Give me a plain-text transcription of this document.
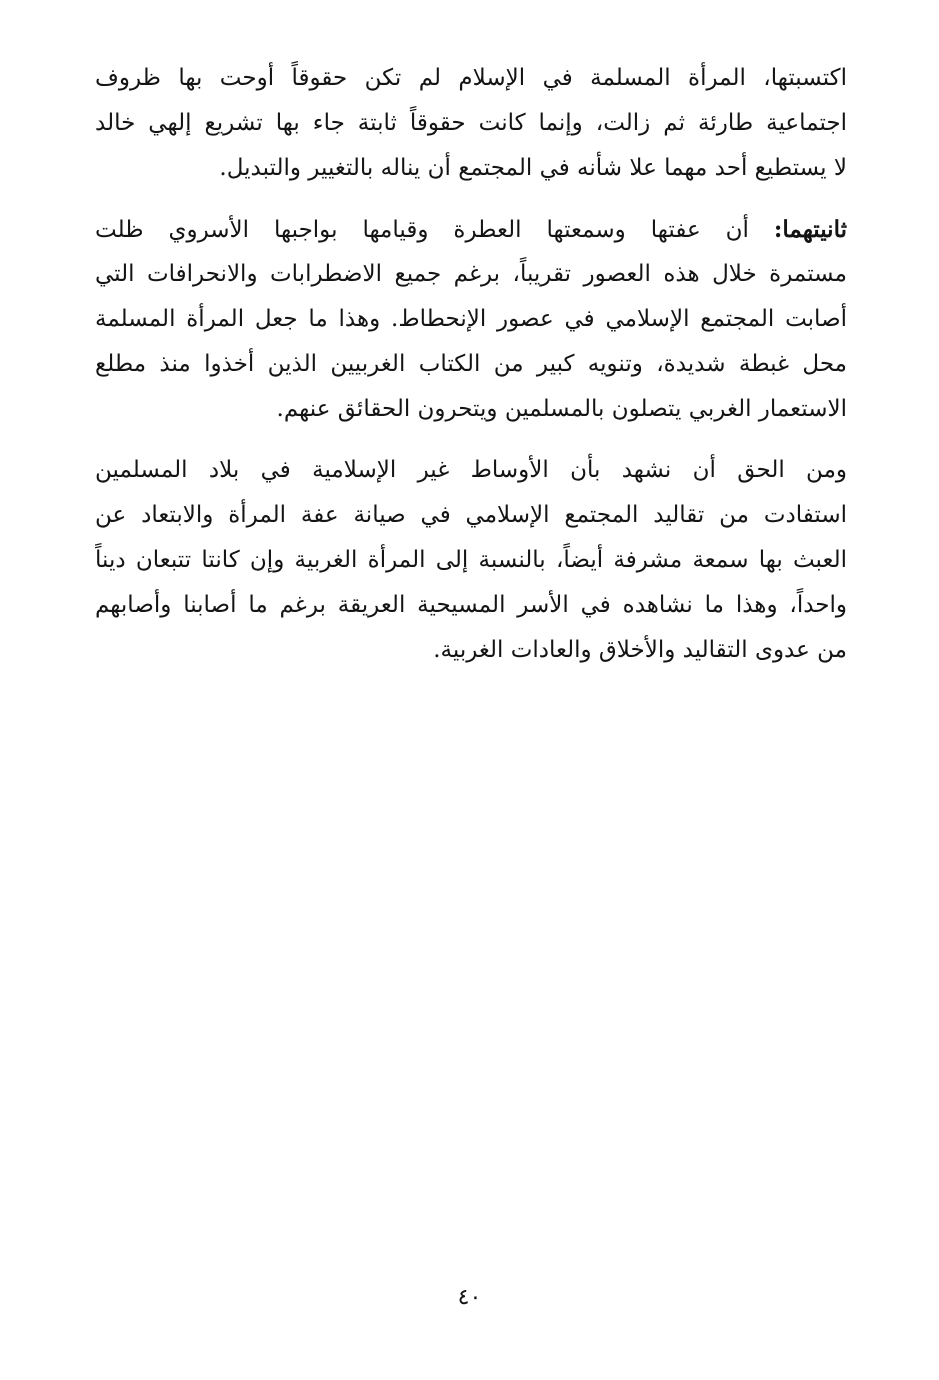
اكتسبتها، المرأة المسلمة في الإسلام لم تكن حقوقاً أوحت بها ظروف
اجتماعية طارئة ثم زالت، وإنما كانت حقوقاً ثابتة جاء بها تشريع إلهي خالد
لا يستطيع أحد مهما علا شأنه في المجتمع أن يناله بالتغيير والتبديل.
ثانيتهما: أن عفتها وسمعتها العطرة وقيامها بواجبها الأسروي ظلت
مستمرة خلال هذه العصور تقريباً، برغم جميع الاضطرابات والانحرافات التي
أصابت المجتمع الإسلامي في عصور الإنحطاط. وهذا ما جعل المرأة المسلمة
محل غبطة شديدة، وتنويه كبير من الكتاب الغربيين الذين أخذوا منذ مطلع
الاستعمار الغربي يتصلون بالمسلمين ويتحرون الحقائق عنهم.
ومن الحق أن نشهد بأن الأوساط غير الإسلامية في بلاد المسلمين
استفادت من تقاليد المجتمع الإسلامي في صيانة عفة المرأة والابتعاد عن
العبث بها سمعة مشرفة أيضاً، بالنسبة إلى المرأة الغربية وإن كانتا تتبعان ديناً
واحداً، وهذا ما نشاهده في الأسر المسيحية العريقة برغم ما أصابنا وأصابهم
من عدوى التقاليد والأخلاق والعادات الغربية.
٤٠
